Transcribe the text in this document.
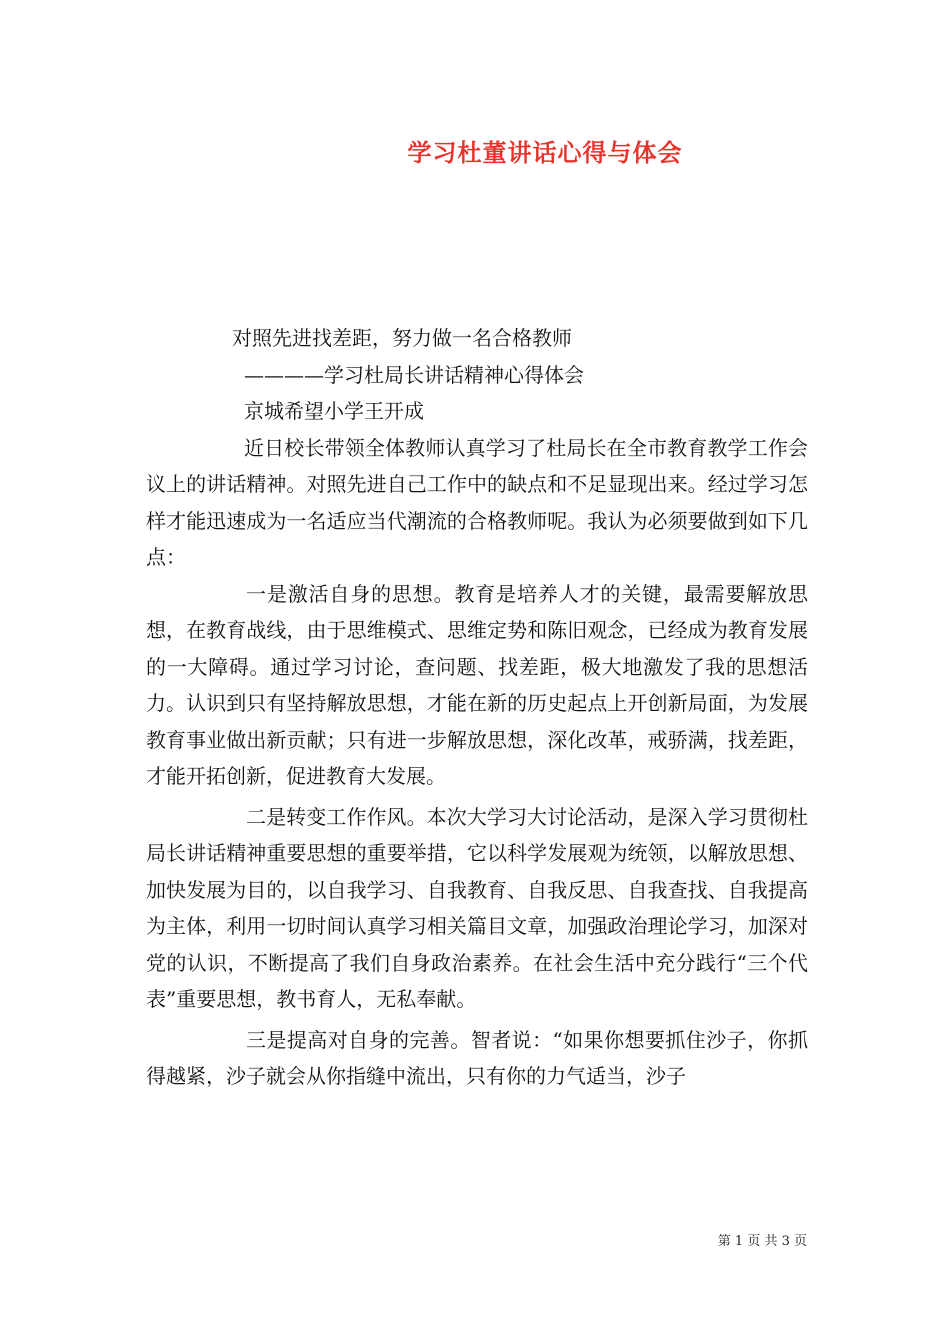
学习杜董讲话心得与体会
对照先进找差距，努力做一名合格教师
————学习杜局长讲话精神心得体会
京城希望小学王开成

近日校长带领全体教师认真学习了杜局长在全市教育教学工作会议上的讲话精神。对照先进自己工作中的缺点和不足显现出来。经过学习怎样才能迅速成为一名适应当代潮流的合格教师呢。我认为必须要做到如下几点：

一是激活自身的思想。教育是培养人才的关键，最需要解放思想，在教育战线，由于思维模式、思维定势和陈旧观念，已经成为教育发展的一大障碍。通过学习讨论，查问题、找差距，极大地激发了我的思想活力。认识到只有坚持解放思想，才能在新的历史起点上开创新局面，为发展教育事业做出新贡献；只有进一步解放思想，深化改革，戒骄满，找差距，才能开拓创新，促进教育大发展。

二是转变工作作风。本次大学习大讨论活动，是深入学习贯彻杜局长讲话精神重要思想的重要举措，它以科学发展观为统领，以解放思想、加快发展为目的，以自我学习、自我教育、自我反思、自我查找、自我提高为主体，利用一切时间认真学习相关篇目文章，加强政治理论学习，加深对党的认识，不断提高了我们自身政治素养。在社会生活中充分践行“三个代表”重要思想，教书育人，无私奉献。

三是提高对自身的完善。智者说：“如果你想要抓住沙子，你抓得越紧，沙子就会从你指缝中流出，只有你的力气适当，沙子

第 1 页 共 3 页
